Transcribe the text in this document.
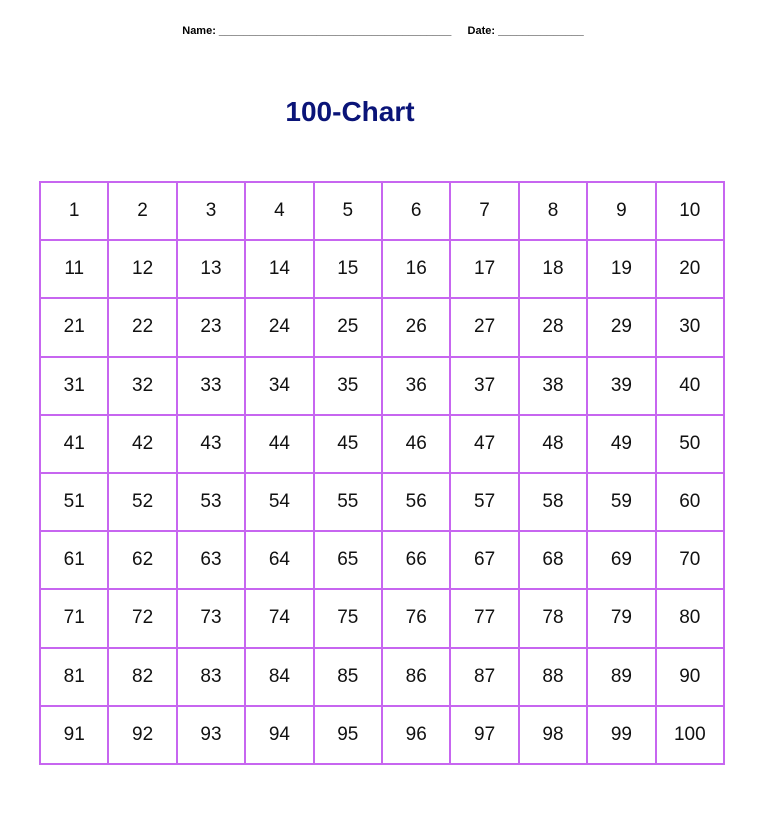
Name: ______________________________________ Date: ______________
100-Chart
1	2	3	4	5	6	7	8	9	10
11	12	13	14	15	16	17	18	19	20
21	22	23	24	25	26	27	28	29	30
31	32	33	34	35	36	37	38	39	40
41	42	43	44	45	46	47	48	49	50
51	52	53	54	55	56	57	58	59	60
61	62	63	64	65	66	67	68	69	70
71	72	73	74	75	76	77	78	79	80
81	82	83	84	85	86	87	88	89	90
91	92	93	94	95	96	97	98	99	100
